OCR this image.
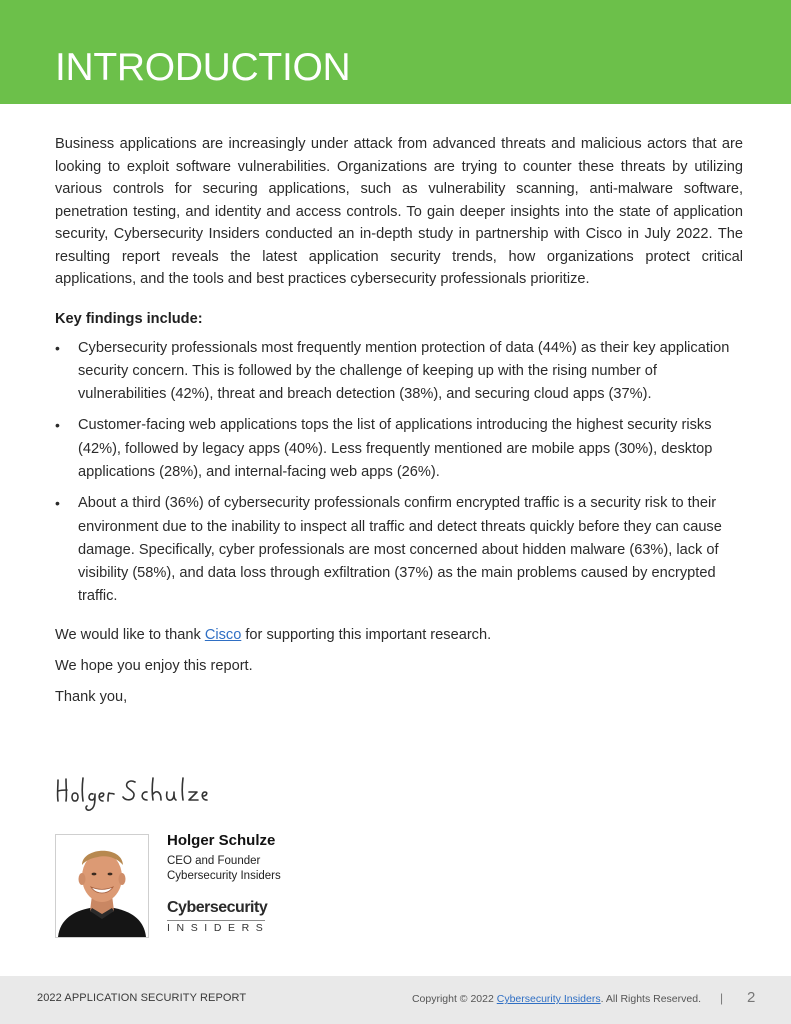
INTRODUCTION

Business applications are increasingly under attack from advanced threats and malicious actors that are looking to exploit software vulnerabilities. Organizations are trying to counter these threats by utilizing various controls for securing applications, such as vulnerability scanning, anti-malware software, penetration testing, and identity and access controls. To gain deeper insights into the state of application security, Cybersecurity Insiders conducted an in-depth study in partnership with Cisco in July 2022. The resulting report reveals the latest application security trends, how organizations protect critical applications, and the tools and best practices cybersecurity professionals prioritize.

Key findings include:

• Cybersecurity professionals most frequently mention protection of data (44%) as their key application security concern. This is followed by the challenge of keeping up with the rising number of vulnerabilities (42%), threat and breach detection (38%), and securing cloud apps (37%).
• Customer-facing web applications tops the list of applications introducing the highest security risks (42%), followed by legacy apps (40%). Less frequently mentioned are mobile apps (30%), desktop applications (28%), and internal-facing web apps (26%).
• About a third (36%) of cybersecurity professionals confirm encrypted traffic is a security risk to their environment due to the inability to inspect all traffic and detect threats quickly before they can cause damage. Specifically, cyber professionals are most concerned about hidden malware (63%), lack of visibility (58%), and data loss through exfiltration (37%) as the main problems caused by encrypted traffic.

We would like to thank Cisco for supporting this important research.

We hope you enjoy this report.

Thank you,

Holger Schulze

CEO and Founder

Cybersecurity Insiders

Cybersecurity
INSIDERS
2022 APPLICATION SECURITY REPORT	Copyright © 2022 Cybersecurity Insiders. All Rights Reserved. | 2
